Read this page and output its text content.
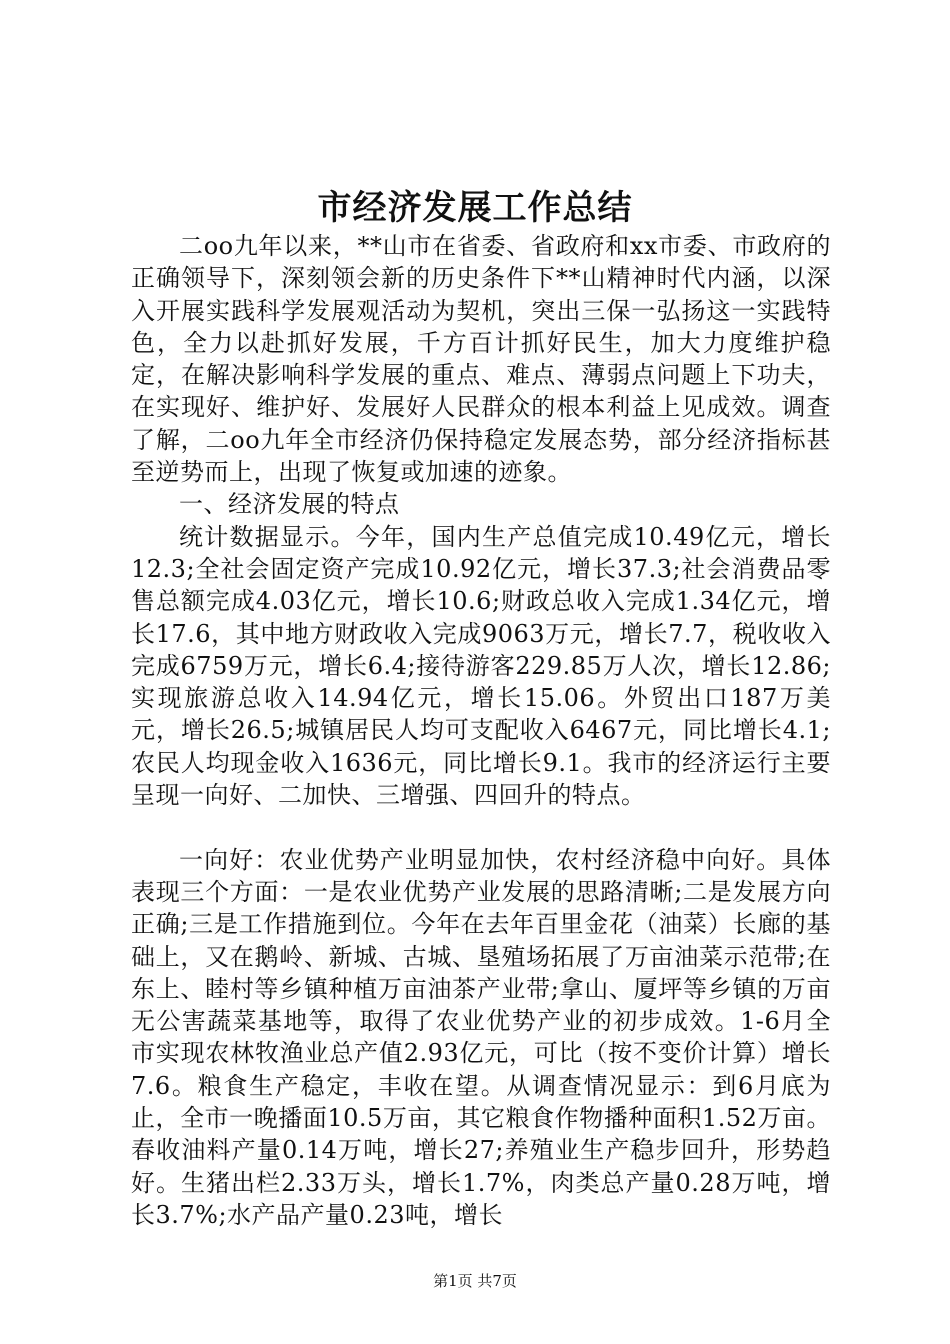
市经济发展工作总结

二oo九年以来，**山市在省委、省政府和xx市委、市政府的正确领导下，深刻领会新的历史条件下**山精神时代内涵，以深入开展实践科学发展观活动为契机，突出三保一弘扬这一实践特色，全力以赴抓好发展，千方百计抓好民生，加大力度维护稳定，在解决影响科学发展的重点、难点、薄弱点问题上下功夫，在实现好、维护好、发展好人民群众的根本利益上见成效。调查了解，二oo九年全市经济仍保持稳定发展态势，部分经济指标甚至逆势而上，出现了恢复或加速的迹象。

一、经济发展的特点

统计数据显示。今年，国内生产总值完成10.49亿元，增长12.3;全社会固定资产完成10.92亿元，增长37.3;社会消费品零售总额完成4.03亿元，增长10.6;财政总收入完成1.34亿元，增长17.6，其中地方财政收入完成9063万元，增长7.7，税收收入完成6759万元，增长6.4;接待游客229.85万人次，增长12.86;实现旅游总收入14.94亿元，增长15.06。外贸出口187万美元，增长26.5;城镇居民人均可支配收入6467元，同比增长4.1;农民人均现金收入1636元，同比增长9.1。我市的经济运行主要呈现一向好、二加快、三增强、四回升的特点。

一向好：农业优势产业明显加快，农村经济稳中向好。具体表现三个方面：一是农业优势产业发展的思路清晰;二是发展方向正确;三是工作措施到位。今年在去年百里金花（油菜）长廊的基础上，又在鹅岭、新城、古城、垦殖场拓展了万亩油菜示范带;在东上、睦村等乡镇种植万亩油茶产业带;拿山、厦坪等乡镇的万亩无公害蔬菜基地等，取得了农业优势产业的初步成效。1-6月全市实现农林牧渔业总产值2.93亿元，可比（按不变价计算）增长7.6。粮食生产稳定，丰收在望。从调查情况显示：到6月底为止，全市一晚播面10.5万亩，其它粮食作物播种面积1.52万亩。春收油料产量0.14万吨，增长27;养殖业生产稳步回升，形势趋好。生猪出栏2.33万头，增长1.7%，肉类总产量0.28万吨，增长3.7%;水产品产量0.23吨，增长

第1页 共7页
